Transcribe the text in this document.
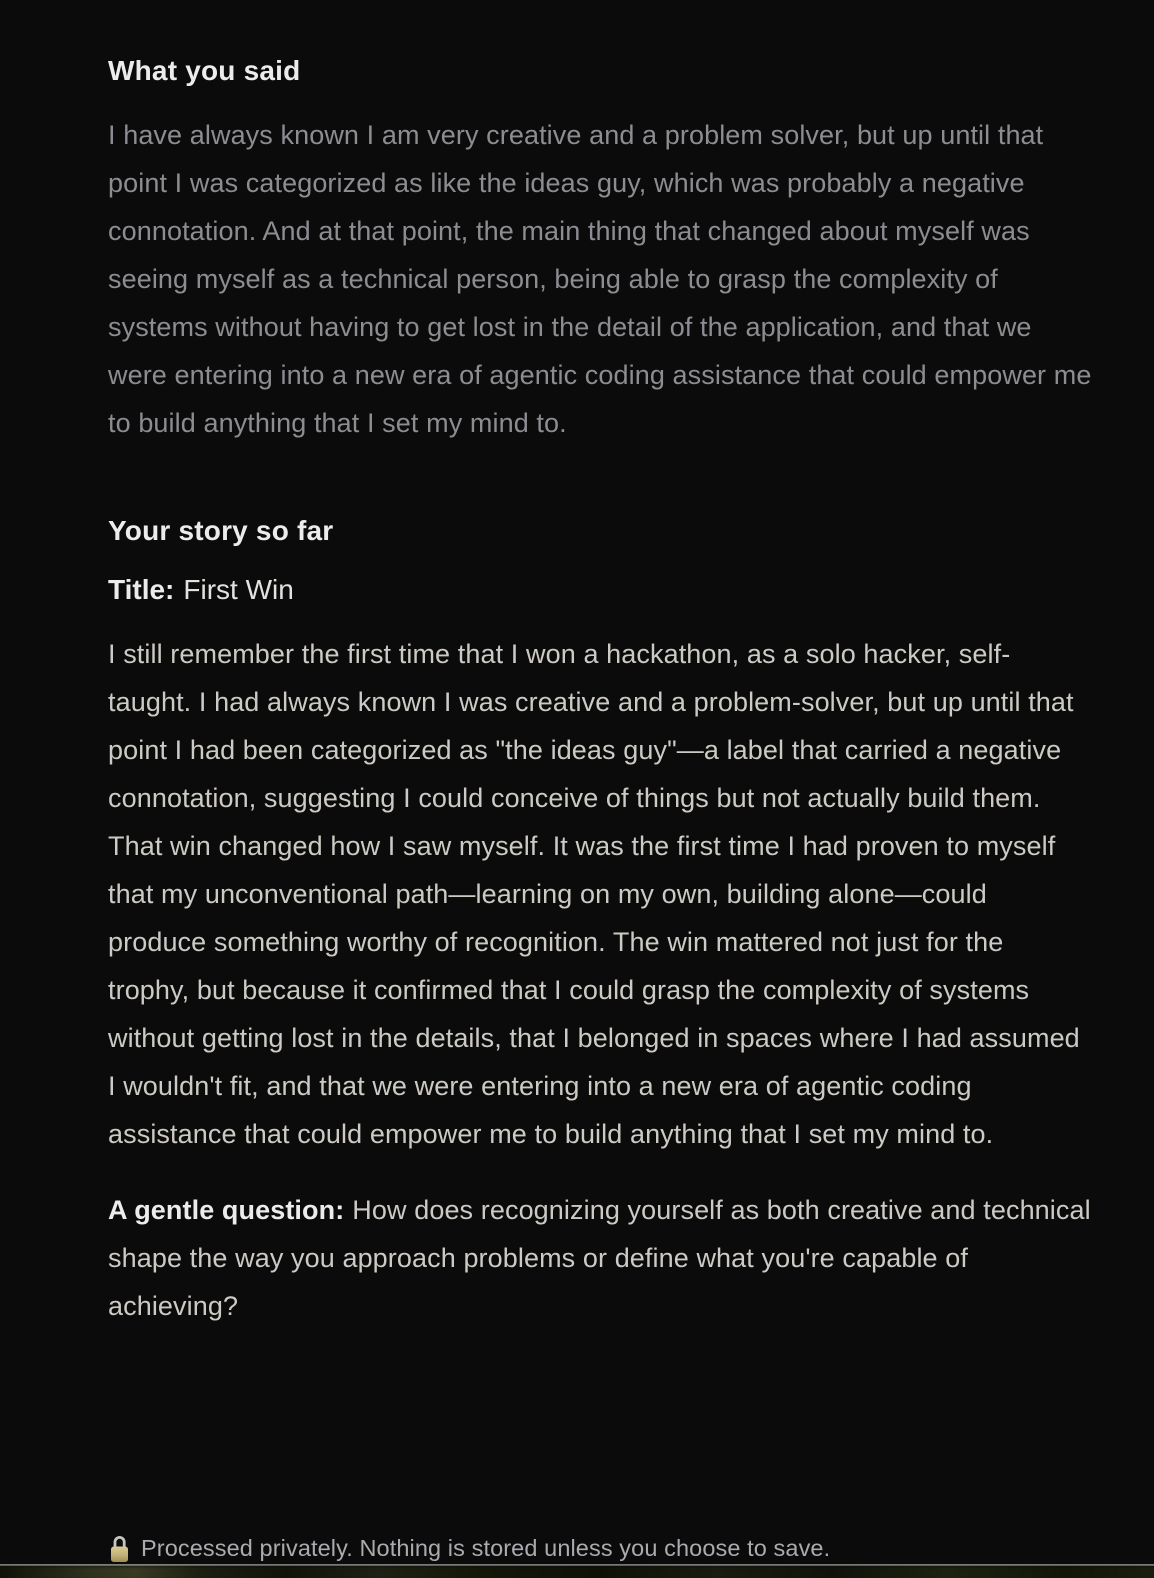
What you said

I have always known I am very creative and a problem solver, but up until that point I was categorized as like the ideas guy, which was probably a negative connotation. And at that point, the main thing that changed about myself was seeing myself as a technical person, being able to grasp the complexity of systems without having to get lost in the detail of the application, and that we were entering into a new era of agentic coding assistance that could empower me to build anything that I set my mind to.

Your story so far

Title: First Win

I still remember the first time that I won a hackathon, as a solo hacker, self-taught. I had always known I was creative and a problem-solver, but up until that point I had been categorized as "the ideas guy"—a label that carried a negative connotation, suggesting I could conceive of things but not actually build them. That win changed how I saw myself. It was the first time I had proven to myself that my unconventional path—learning on my own, building alone—could produce something worthy of recognition. The win mattered not just for the trophy, but because it confirmed that I could grasp the complexity of systems without getting lost in the details, that I belonged in spaces where I had assumed I wouldn't fit, and that we were entering into a new era of agentic coding assistance that could empower me to build anything that I set my mind to.

A gentle question: How does recognizing yourself as both creative and technical shape the way you approach problems or define what you're capable of achieving?

Processed privately. Nothing is stored unless you choose to save.
